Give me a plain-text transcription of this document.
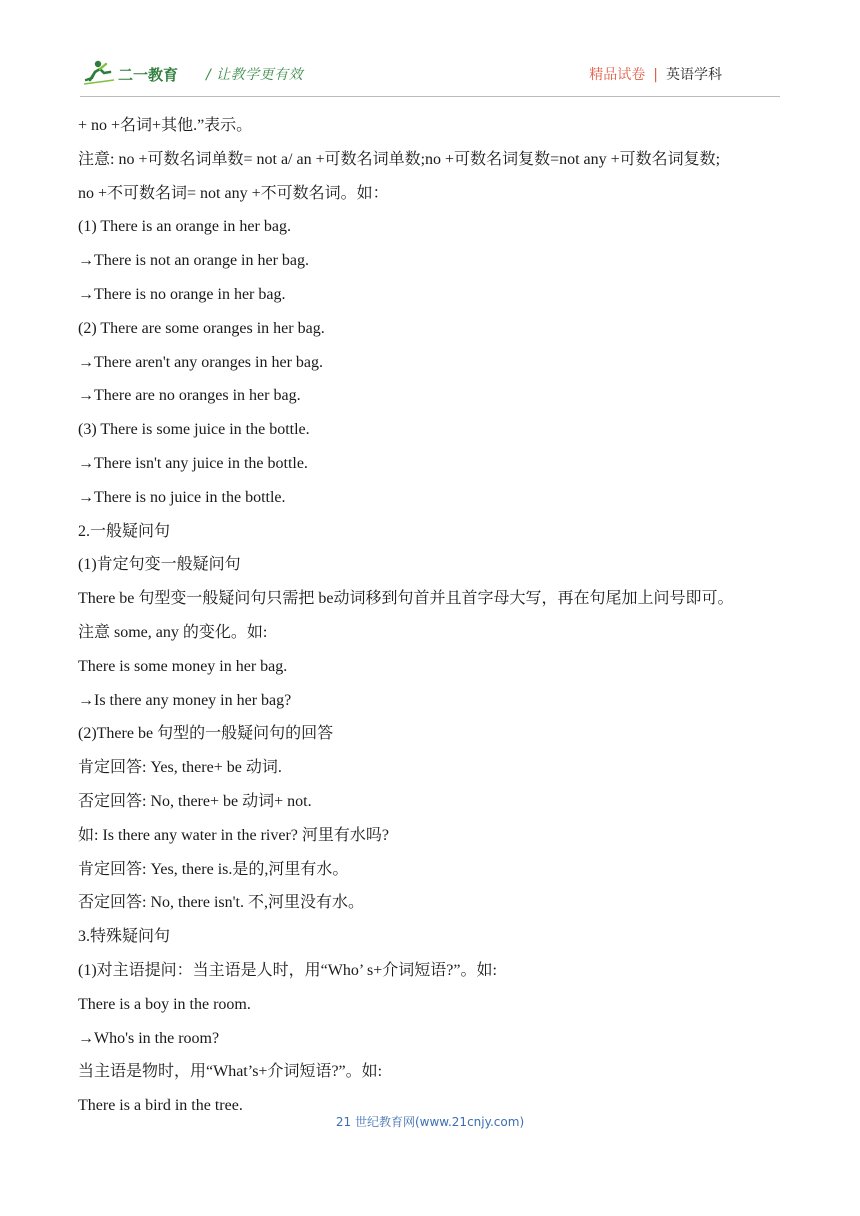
二一教育 / 让教学更有效	精品试卷 | 英语学科
+ no +名词+其他.”表示。
注意: no +可数名词单数= not a/ an +可数名词单数;no +可数名词复数=not any +可数名词复数;
no +不可数名词= not any +不可数名词。如：
(1) There is an orange in her bag.
→There is not an orange in her bag.
→There is no orange in her bag.
(2) There are some oranges in her bag.
→There aren't any oranges in her bag.
→There are no oranges in her bag.
(3) There is some juice in the bottle.
→There isn't any juice in the bottle.
→There is no juice in the bottle.
2.一般疑问句
(1)肯定句变一般疑问句
There be 句型变一般疑问句只需把 be动词移到句首并且首字母大写，再在句尾加上问号即可。
注意 some, any 的变化。如:
There is some money in her bag.
→Is there any money in her bag?
(2)There be 句型的一般疑问句的回答
肯定回答: Yes, there+ be 动词.
否定回答: No, there+ be 动词+ not.
如: Is there any water in the river? 河里有水吗?
肯定回答: Yes, there is.是的,河里有水。
否定回答: No, there isn't. 不,河里没有水。
3.特殊疑问句
(1)对主语提问：当主语是人时，用“Who’ s+介词短语?”。如:
There is a boy in the room.
→Who's in the room?
当主语是物时，用“What’s+介词短语?”。如:
There is a bird in the tree.
21 世纪教育网(www.21cnjy.com)
